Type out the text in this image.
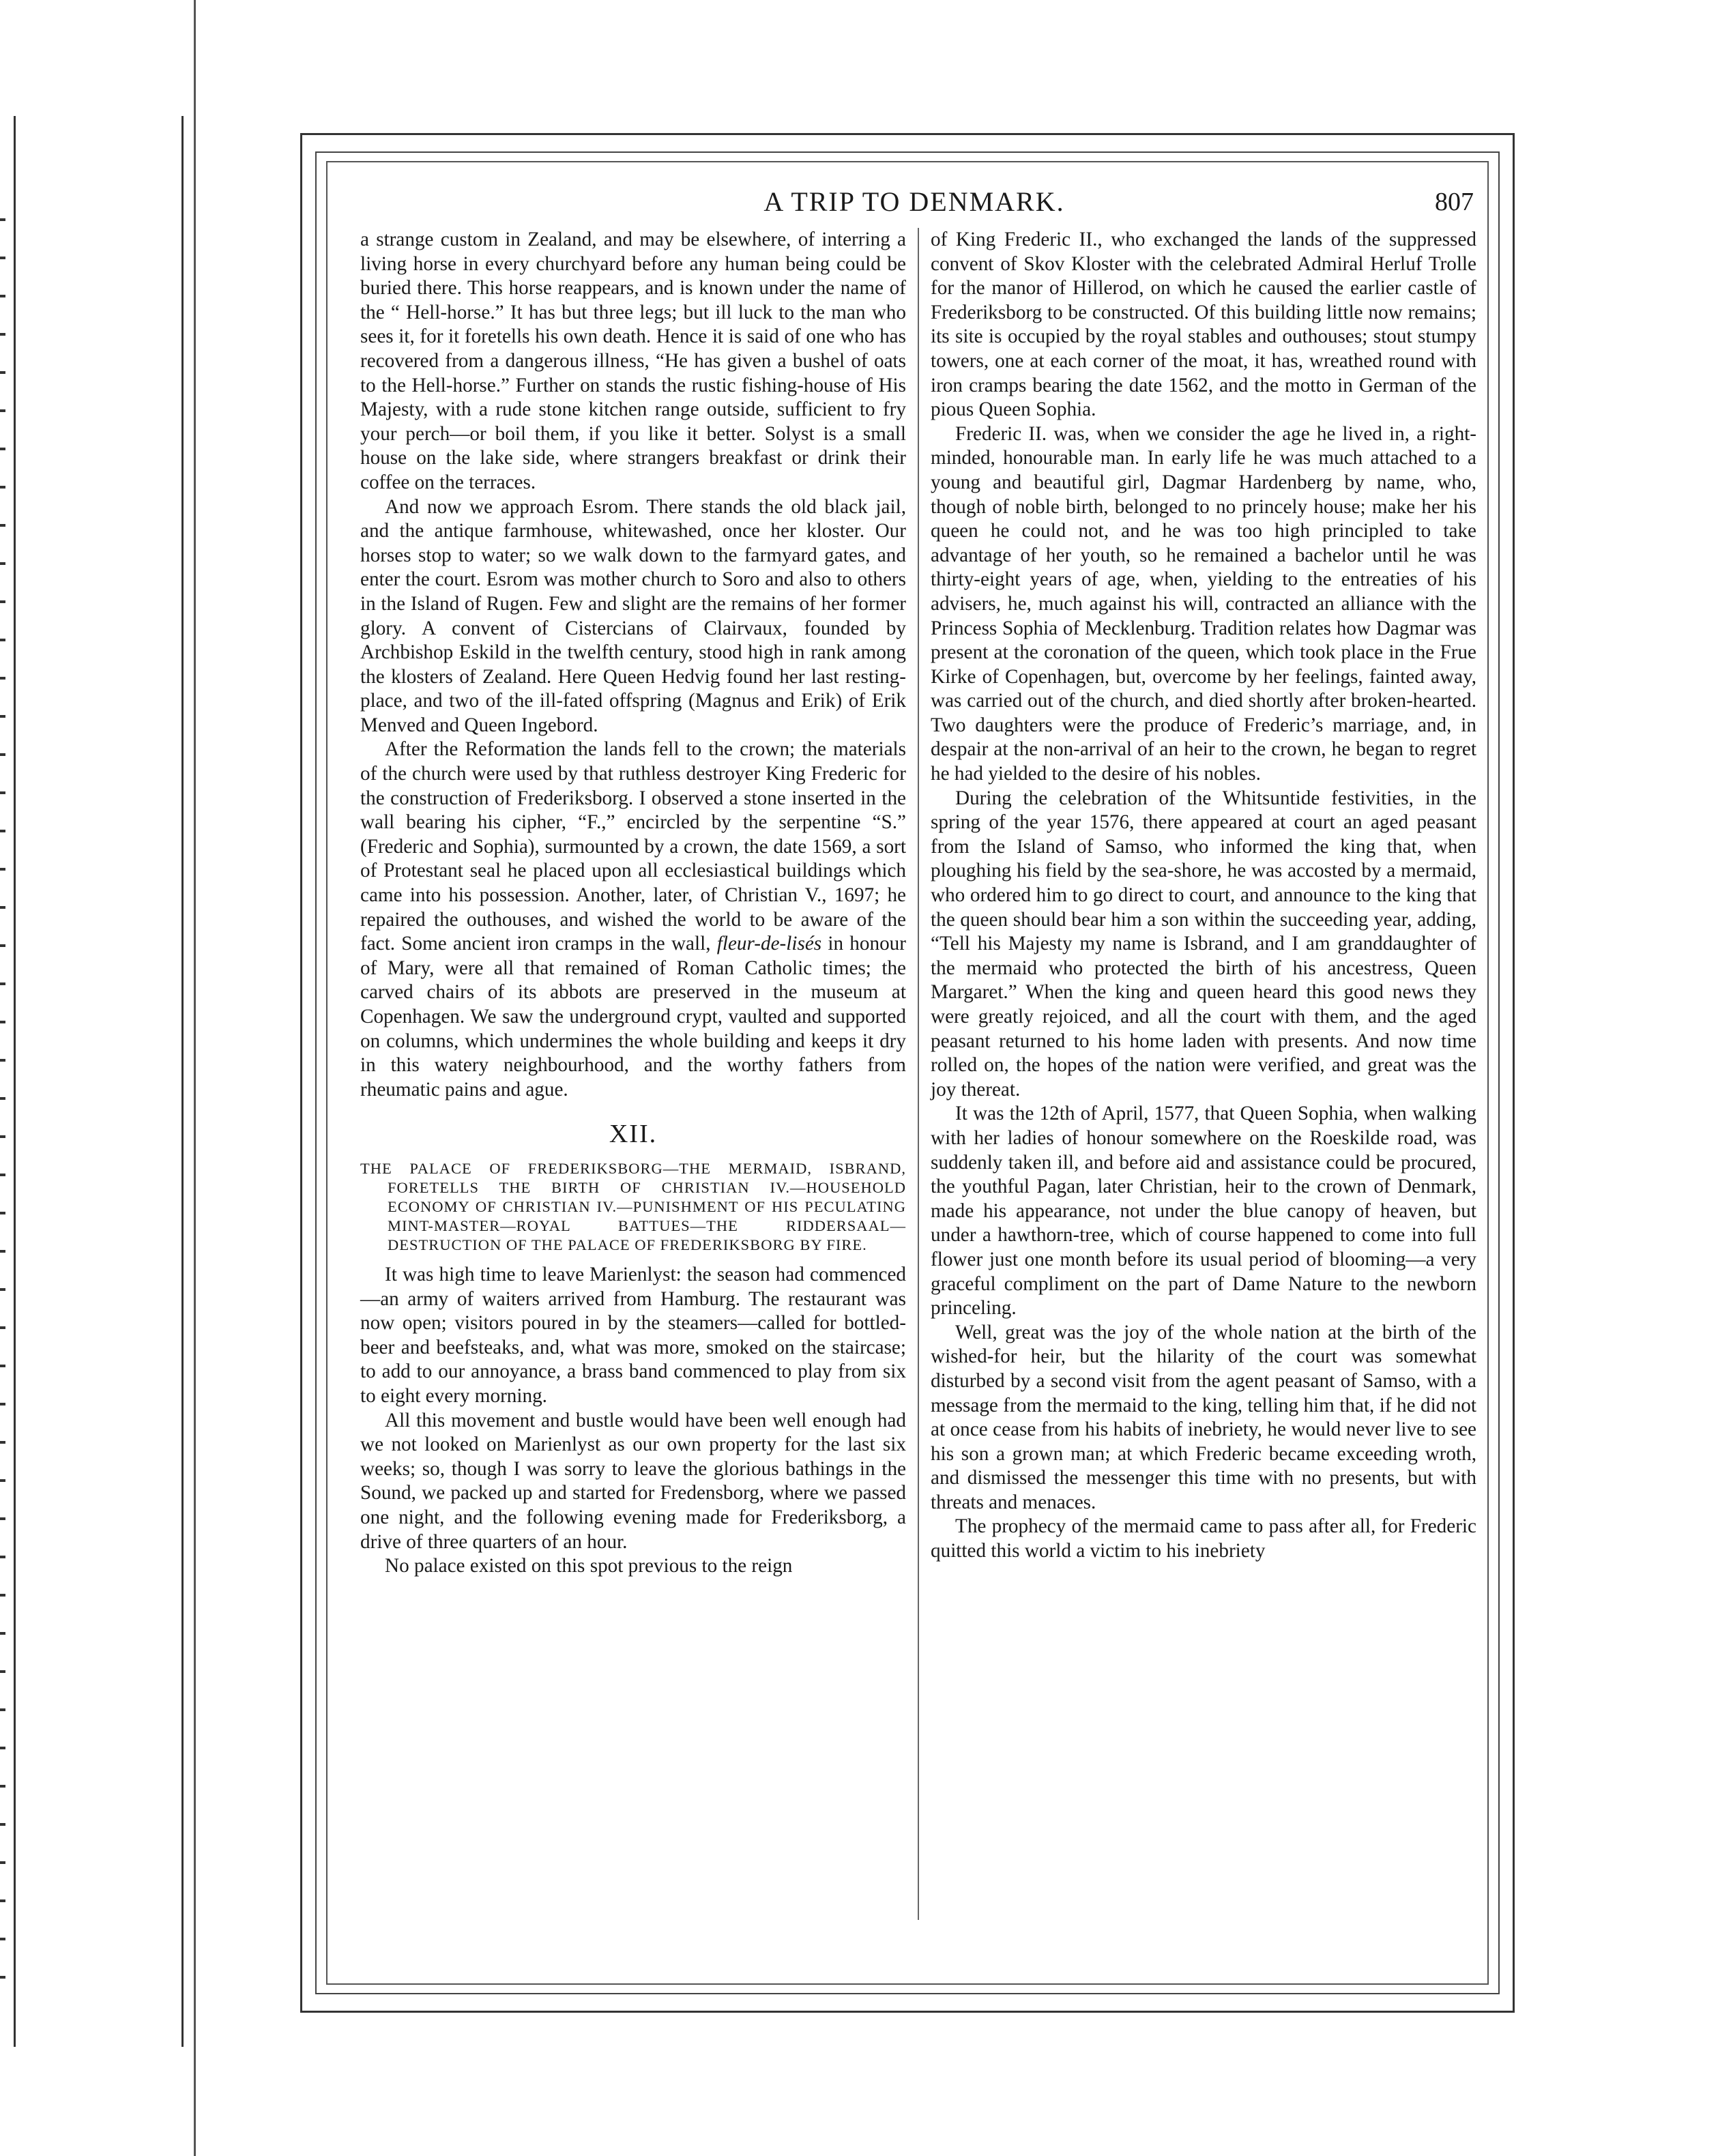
A TRIP TO DENMARK.	807

a strange custom in Zealand, and may be elsewhere, of interring a living horse in every churchyard before any human being could be buried there. This horse reappears, and is known under the name of the “ Hell-horse.” It has but three legs; but ill luck to the man who sees it, for it foretells his own death. Hence it is said of one who has recovered from a dangerous illness, “He has given a bushel of oats to the Hell-horse.” Further on stands the rustic fishing-house of His Majesty, with a rude stone kitchen range outside, sufficient to fry your perch—or boil them, if you like it better. Solyst is a small house on the lake side, where strangers breakfast or drink their coffee on the terraces.

And now we approach Esrom. There stands the old black jail, and the antique farmhouse, whitewashed, once her kloster. Our horses stop to water; so we walk down to the farmyard gates, and enter the court. Esrom was mother church to Soro and also to others in the Island of Rugen. Few and slight are the remains of her former glory. A convent of Cistercians of Clairvaux, founded by Archbishop Eskild in the twelfth century, stood high in rank among the klosters of Zealand. Here Queen Hedvig found her last resting-place, and two of the ill-fated offspring (Magnus and Erik) of Erik Menved and Queen Ingebord.

After the Reformation the lands fell to the crown; the materials of the church were used by that ruthless destroyer King Frederic for the construction of Frederiksborg. I observed a stone inserted in the wall bearing his cipher, “F.,” encircled by the serpentine “S.” (Frederic and Sophia), surmounted by a crown, the date 1569, a sort of Protestant seal he placed upon all ecclesiastical buildings which came into his possession. Another, later, of Christian V., 1697; he repaired the outhouses, and wished the world to be aware of the fact. Some ancient iron cramps in the wall, fleur-de-lisés in honour of Mary, were all that remained of Roman Catholic times; the carved chairs of its abbots are preserved in the museum at Copenhagen. We saw the underground crypt, vaulted and supported on columns, which undermines the whole building and keeps it dry in this watery neighbourhood, and the worthy fathers from rheumatic pains and ague.

XII.
THE PALACE OF FREDERIKSBORG—THE MERMAID, ISBRAND, FORETELLS THE BIRTH OF CHRISTIAN IV.—HOUSEHOLD ECONOMY OF CHRISTIAN IV.—PUNISHMENT OF HIS PECULATING MINT-MASTER—ROYAL BATTUES—THE RIDDERSAAL—DESTRUCTION OF THE PALACE OF FREDERIKSBORG BY FIRE.

It was high time to leave Marienlyst: the season had commenced—an army of waiters arrived from Hamburg. The restaurant was now open; visitors poured in by the steamers—called for bottled-beer and beefsteaks, and, what was more, smoked on the staircase; to add to our annoyance, a brass band commenced to play from six to eight every morning.

All this movement and bustle would have been well enough had we not looked on Marienlyst as our own property for the last six weeks; so, though I was sorry to leave the glorious bathings in the Sound, we packed up and started for Fredensborg, where we passed one night, and the following evening made for Frederiksborg, a drive of three quarters of an hour.

No palace existed on this spot previous to the reign

of King Frederic II., who exchanged the lands of the suppressed convent of Skov Kloster with the celebrated Admiral Herluf Trolle for the manor of Hillerod, on which he caused the earlier castle of Frederiksborg to be constructed. Of this building little now remains; its site is occupied by the royal stables and outhouses; stout stumpy towers, one at each corner of the moat, it has, wreathed round with iron cramps bearing the date 1562, and the motto in German of the pious Queen Sophia.

Frederic II. was, when we consider the age he lived in, a right-minded, honourable man. In early life he was much attached to a young and beautiful girl, Dagmar Hardenberg by name, who, though of noble birth, belonged to no princely house; make her his queen he could not, and he was too high principled to take advantage of her youth, so he remained a bachelor until he was thirty-eight years of age, when, yielding to the entreaties of his advisers, he, much against his will, contracted an alliance with the Princess Sophia of Mecklenburg. Tradition relates how Dagmar was present at the coronation of the queen, which took place in the Frue Kirke of Copenhagen, but, overcome by her feelings, fainted away, was carried out of the church, and died shortly after broken-hearted. Two daughters were the produce of Frederic’s marriage, and, in despair at the non-arrival of an heir to the crown, he began to regret he had yielded to the desire of his nobles.

During the celebration of the Whitsuntide festivities, in the spring of the year 1576, there appeared at court an aged peasant from the Island of Samso, who informed the king that, when ploughing his field by the sea-shore, he was accosted by a mermaid, who ordered him to go direct to court, and announce to the king that the queen should bear him a son within the succeeding year, adding, “Tell his Majesty my name is Isbrand, and I am granddaughter of the mermaid who protected the birth of his ancestress, Queen Margaret.” When the king and queen heard this good news they were greatly rejoiced, and all the court with them, and the aged peasant returned to his home laden with presents. And now time rolled on, the hopes of the nation were verified, and great was the joy thereat.

It was the 12th of April, 1577, that Queen Sophia, when walking with her ladies of honour somewhere on the Roeskilde road, was suddenly taken ill, and before aid and assistance could be procured, the youthful Pagan, later Christian, heir to the crown of Denmark, made his appearance, not under the blue canopy of heaven, but under a hawthorn-tree, which of course happened to come into full flower just one month before its usual period of blooming—a very graceful compliment on the part of Dame Nature to the newborn princeling.

Well, great was the joy of the whole nation at the birth of the wished-for heir, but the hilarity of the court was somewhat disturbed by a second visit from the agent peasant of Samso, with a message from the mermaid to the king, telling him that, if he did not at once cease from his habits of inebriety, he would never live to see his son a grown man; at which Frederic became exceeding wroth, and dismissed the messenger this time with no presents, but with threats and menaces.

The prophecy of the mermaid came to pass after all, for Frederic quitted this world a victim to his inebriety
